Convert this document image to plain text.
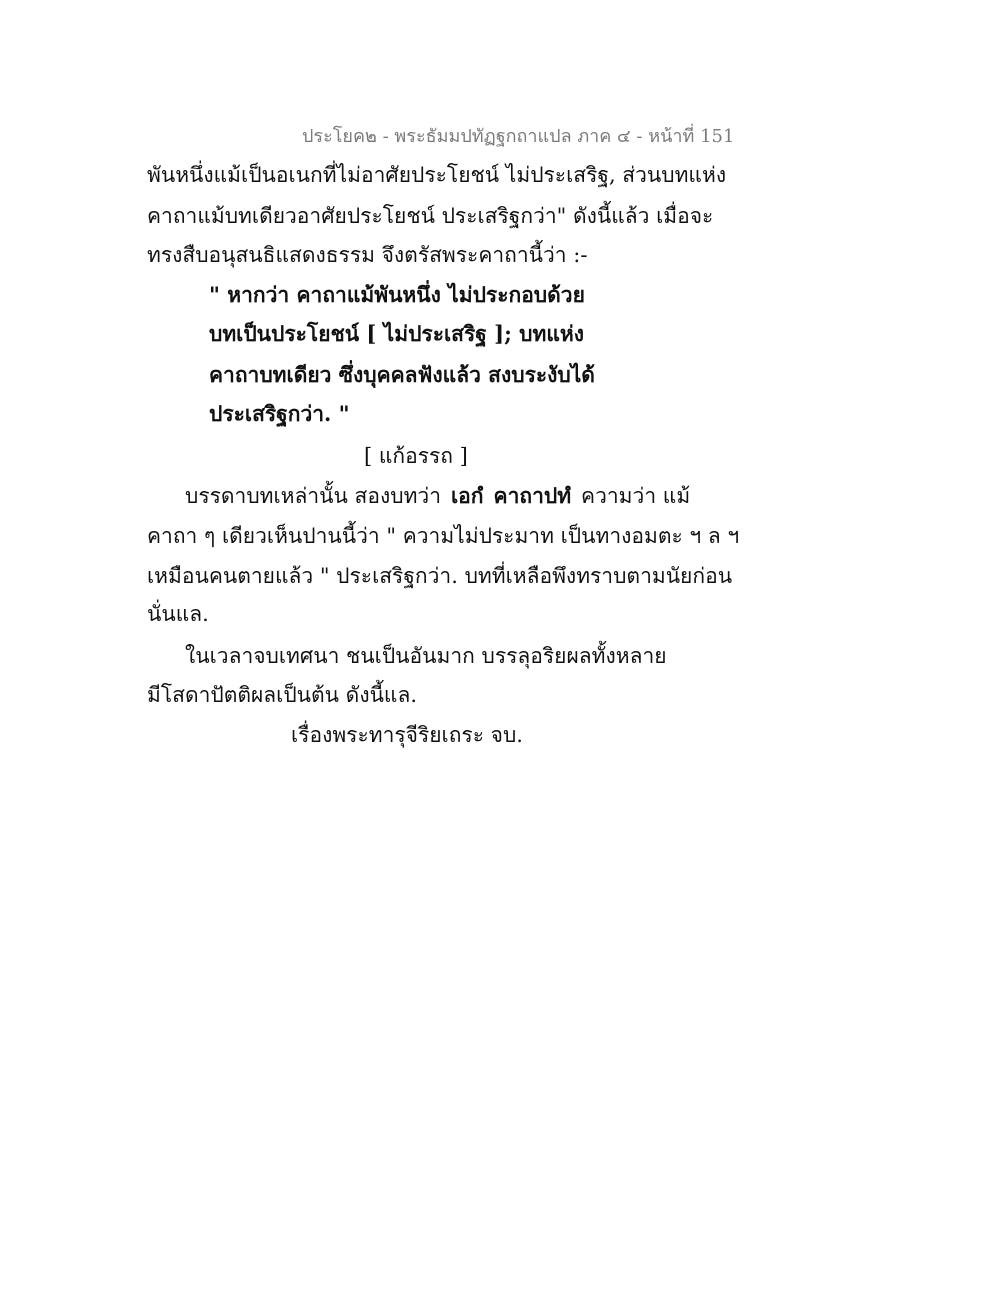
ประโยค๒ - พระธัมมปทัฏฐกถาแปล ภาค ๔ - หน้าที่ 151
พันหนึ่งแม้เป็นอเนกที่ไม่อาศัยประโยชน์ ไม่ประเสริฐ, ส่วนบทแห่ง
คาถาแม้บทเดียวอาศัยประโยชน์ ประเสริฐกว่า" ดังนี้แล้ว เมื่อจะ
ทรงสืบอนุสนธิแสดงธรรม จึงตรัสพระคาถานี้ว่า :-
" หากว่า คาถาแม้พันหนึ่ง ไม่ประกอบด้วย
บทเป็นประโยชน์ [ ไม่ประเสริฐ ]; บทแห่ง
คาถาบทเดียว ซึ่งบุคคลฟังแล้ว สงบระงับได้
ประเสริฐกว่า. "
[ แก้อรรถ ]
บรรดาบทเหล่านั้น สองบทว่า เอกํ คาถาปทํ ความว่า แม้
คาถา ๆ เดียวเห็นปานนี้ว่า " ความไม่ประมาท เป็นทางอมตะ ฯ ล ฯ
เหมือนคนตายแล้ว " ประเสริฐกว่า. บทที่เหลือพึงทราบตามนัยก่อน
นั่นแล.
ในเวลาจบเทศนา ชนเป็นอันมาก บรรลุอริยผลทั้งหลาย
มีโสดาปัตติผลเป็นต้น ดังนี้แล.
เรื่องพระทารุจีริยเถระ จบ.
